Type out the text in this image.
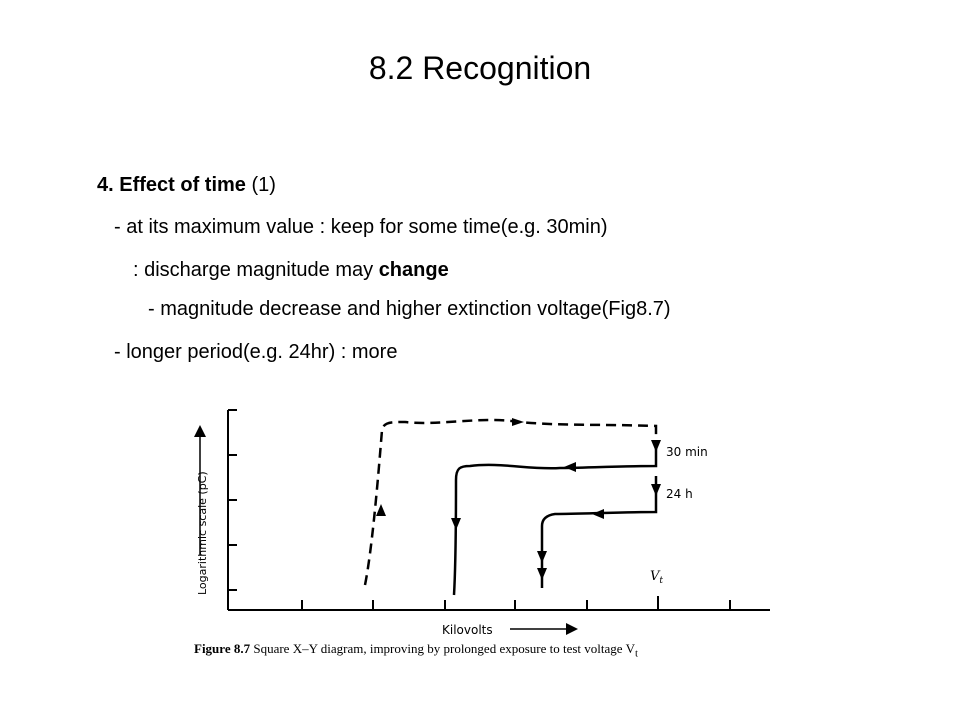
8.2 Recognition
4. Effect of time (1)
- at its maximum value : keep for some time(e.g. 30min)
: discharge magnitude may change
- magnitude decrease and higher extinction voltage(Fig8.7)
- longer period(e.g. 24hr) : more
Logarithmic scale (pC)
Kilovolts
30 min
24 h
$V_t$
Figure 8.7 Square X–Y diagram, improving by prolonged exposure to test voltage $V_t$
